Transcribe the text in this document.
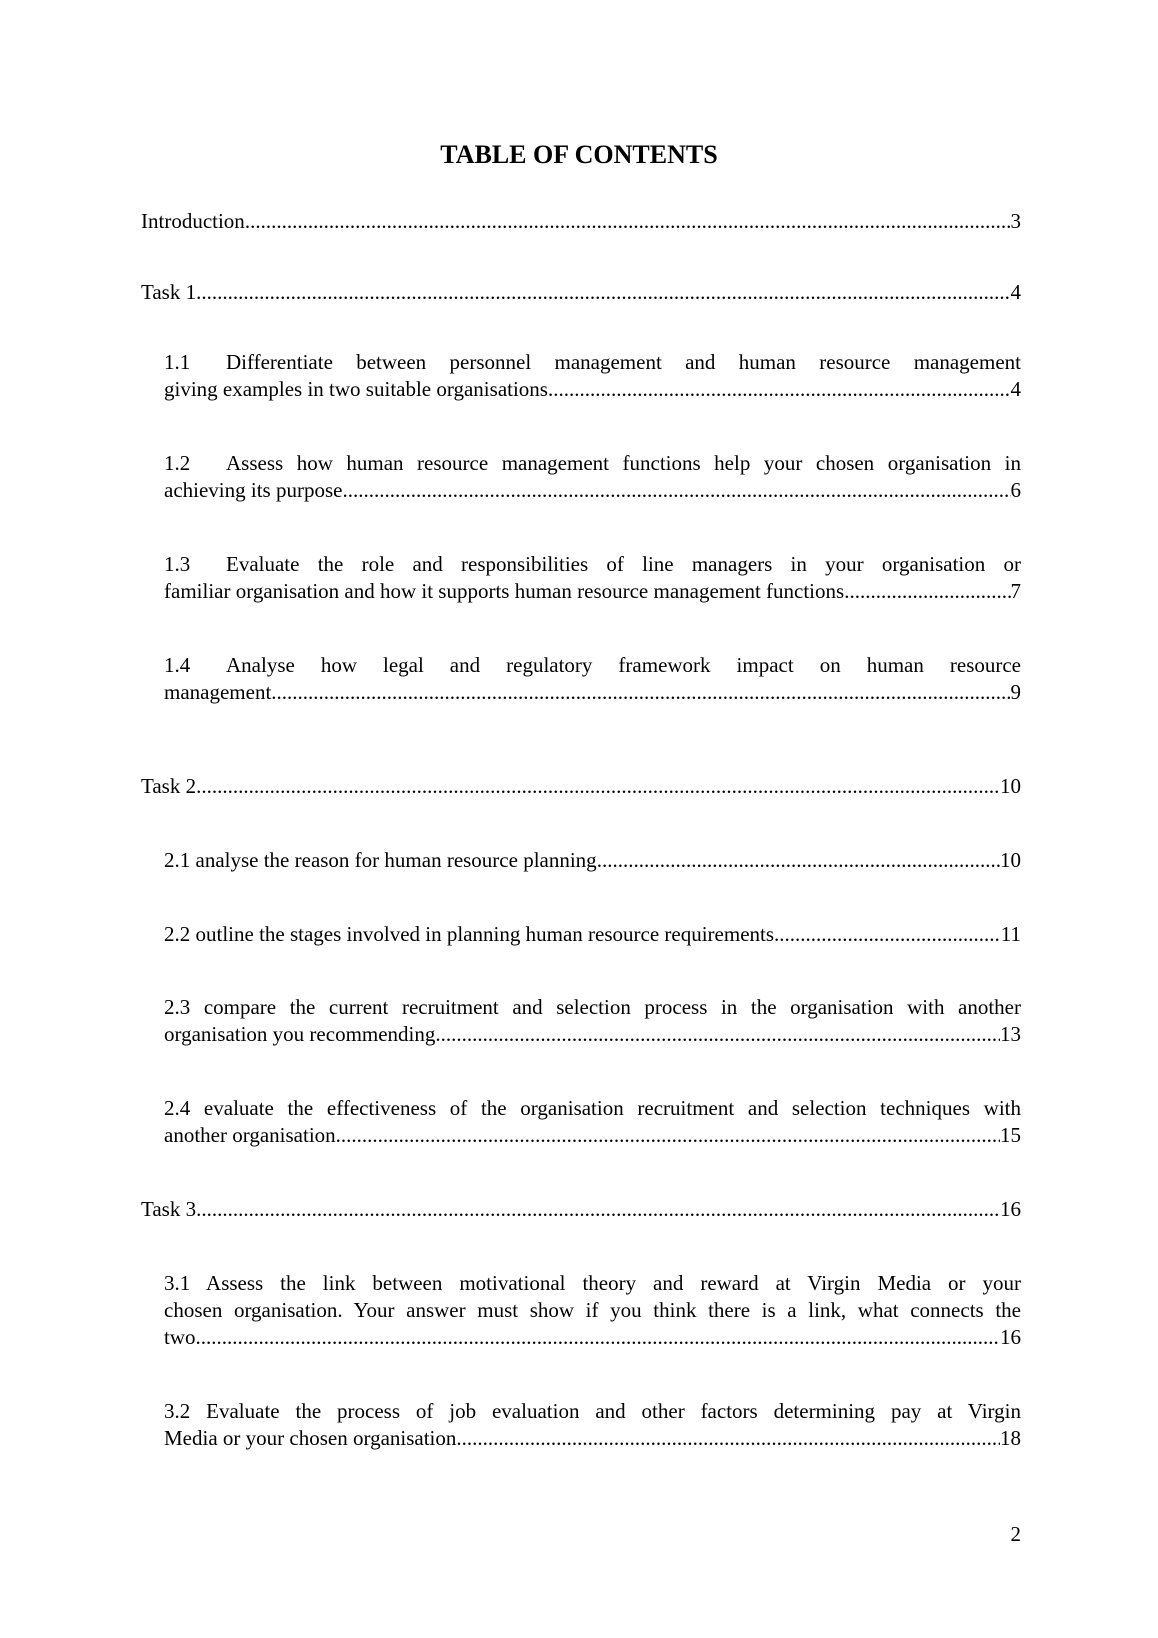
TABLE OF CONTENTS
Introduction .....	3
Task 1 .....	4
1.1 Differentiate between personnel management and human resource management
giving examples in two suitable organisations .....	4
1.2 Assess how human resource management functions help your chosen organisation in
achieving its purpose .....	6
1.3 Evaluate the role and responsibilities of line managers in your organisation or
familiar organisation and how it supports human resource management functions .....	7
1.4 Analyse how legal and regulatory framework impact on human resource
management .....	9
Task 2 .....	10
2.1 analyse the reason for human resource planning .....	10
2.2 outline the stages involved in planning human resource requirements .....	11
2.3 compare the current recruitment and selection process in the organisation with another
organisation you recommending .....	13
2.4 evaluate the effectiveness of the organisation recruitment and selection techniques with
another organisation .....	15
Task 3 .....	16
3.1 Assess the link between motivational theory and reward at Virgin Media or your
chosen organisation. Your answer must show if you think there is a link, what connects the
two .....	16
3.2 Evaluate the process of job evaluation and other factors determining pay at Virgin
Media or your chosen organisation .....	18
2
